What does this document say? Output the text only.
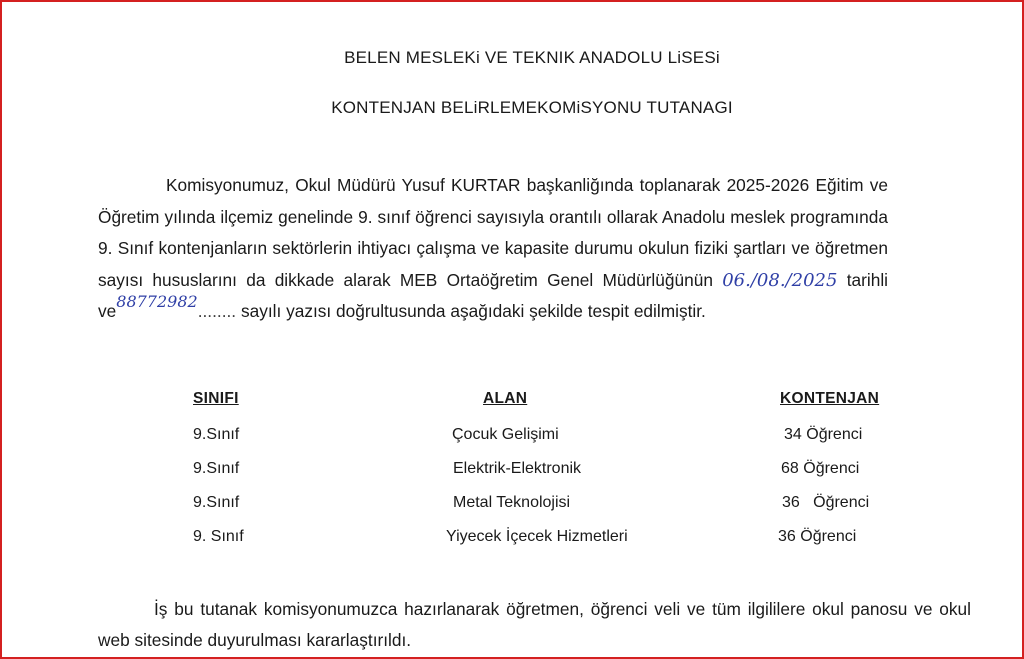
BELEN MESLEKi VE TEKNIK ANADOLU LiSESi
KONTENJAN BELiRLEMEKOMiSYONU TUTANAGI
Komisyonumuz, Okul Müdürü Yusuf KURTAR başkanliğında toplanarak 2025-2026 Eğitim ve Öğretim yılında ilçemiz genelinde 9. sınıf öğrenci sayısıyla orantılı ollarak Anadolu meslek programında 9. Sınıf kontenjanların sektörlerin ihtiyacı çalışma ve kapasite durumu okulun fiziki şartları ve öğretmen sayısı hususlarını da dikkade alarak MEB Ortaöğretim Genel Müdürlüğünün 06./08./2025 tarihli ve88772982........ sayılı yazısı doğrultusunda aşağıdaki şekilde tespit edilmiştir.
SINIFI	ALAN	KONTENJAN
9.Sınıf	Çocuk Gelişimi	34 Öğrenci
9.Sınıf	Elektrik-Elektronik	68 Öğrenci
9.Sınıf	Metal Teknolojisi	36   Öğrenci
9. Sınıf	Yiyecek İçecek Hizmetleri	36 Öğrenci
İş bu tutanak komisyonumuzca hazırlanarak öğretmen, öğrenci veli ve tüm ilgililere okul panosu ve okul web sitesinde duyurulması kararlaştırıldı.
